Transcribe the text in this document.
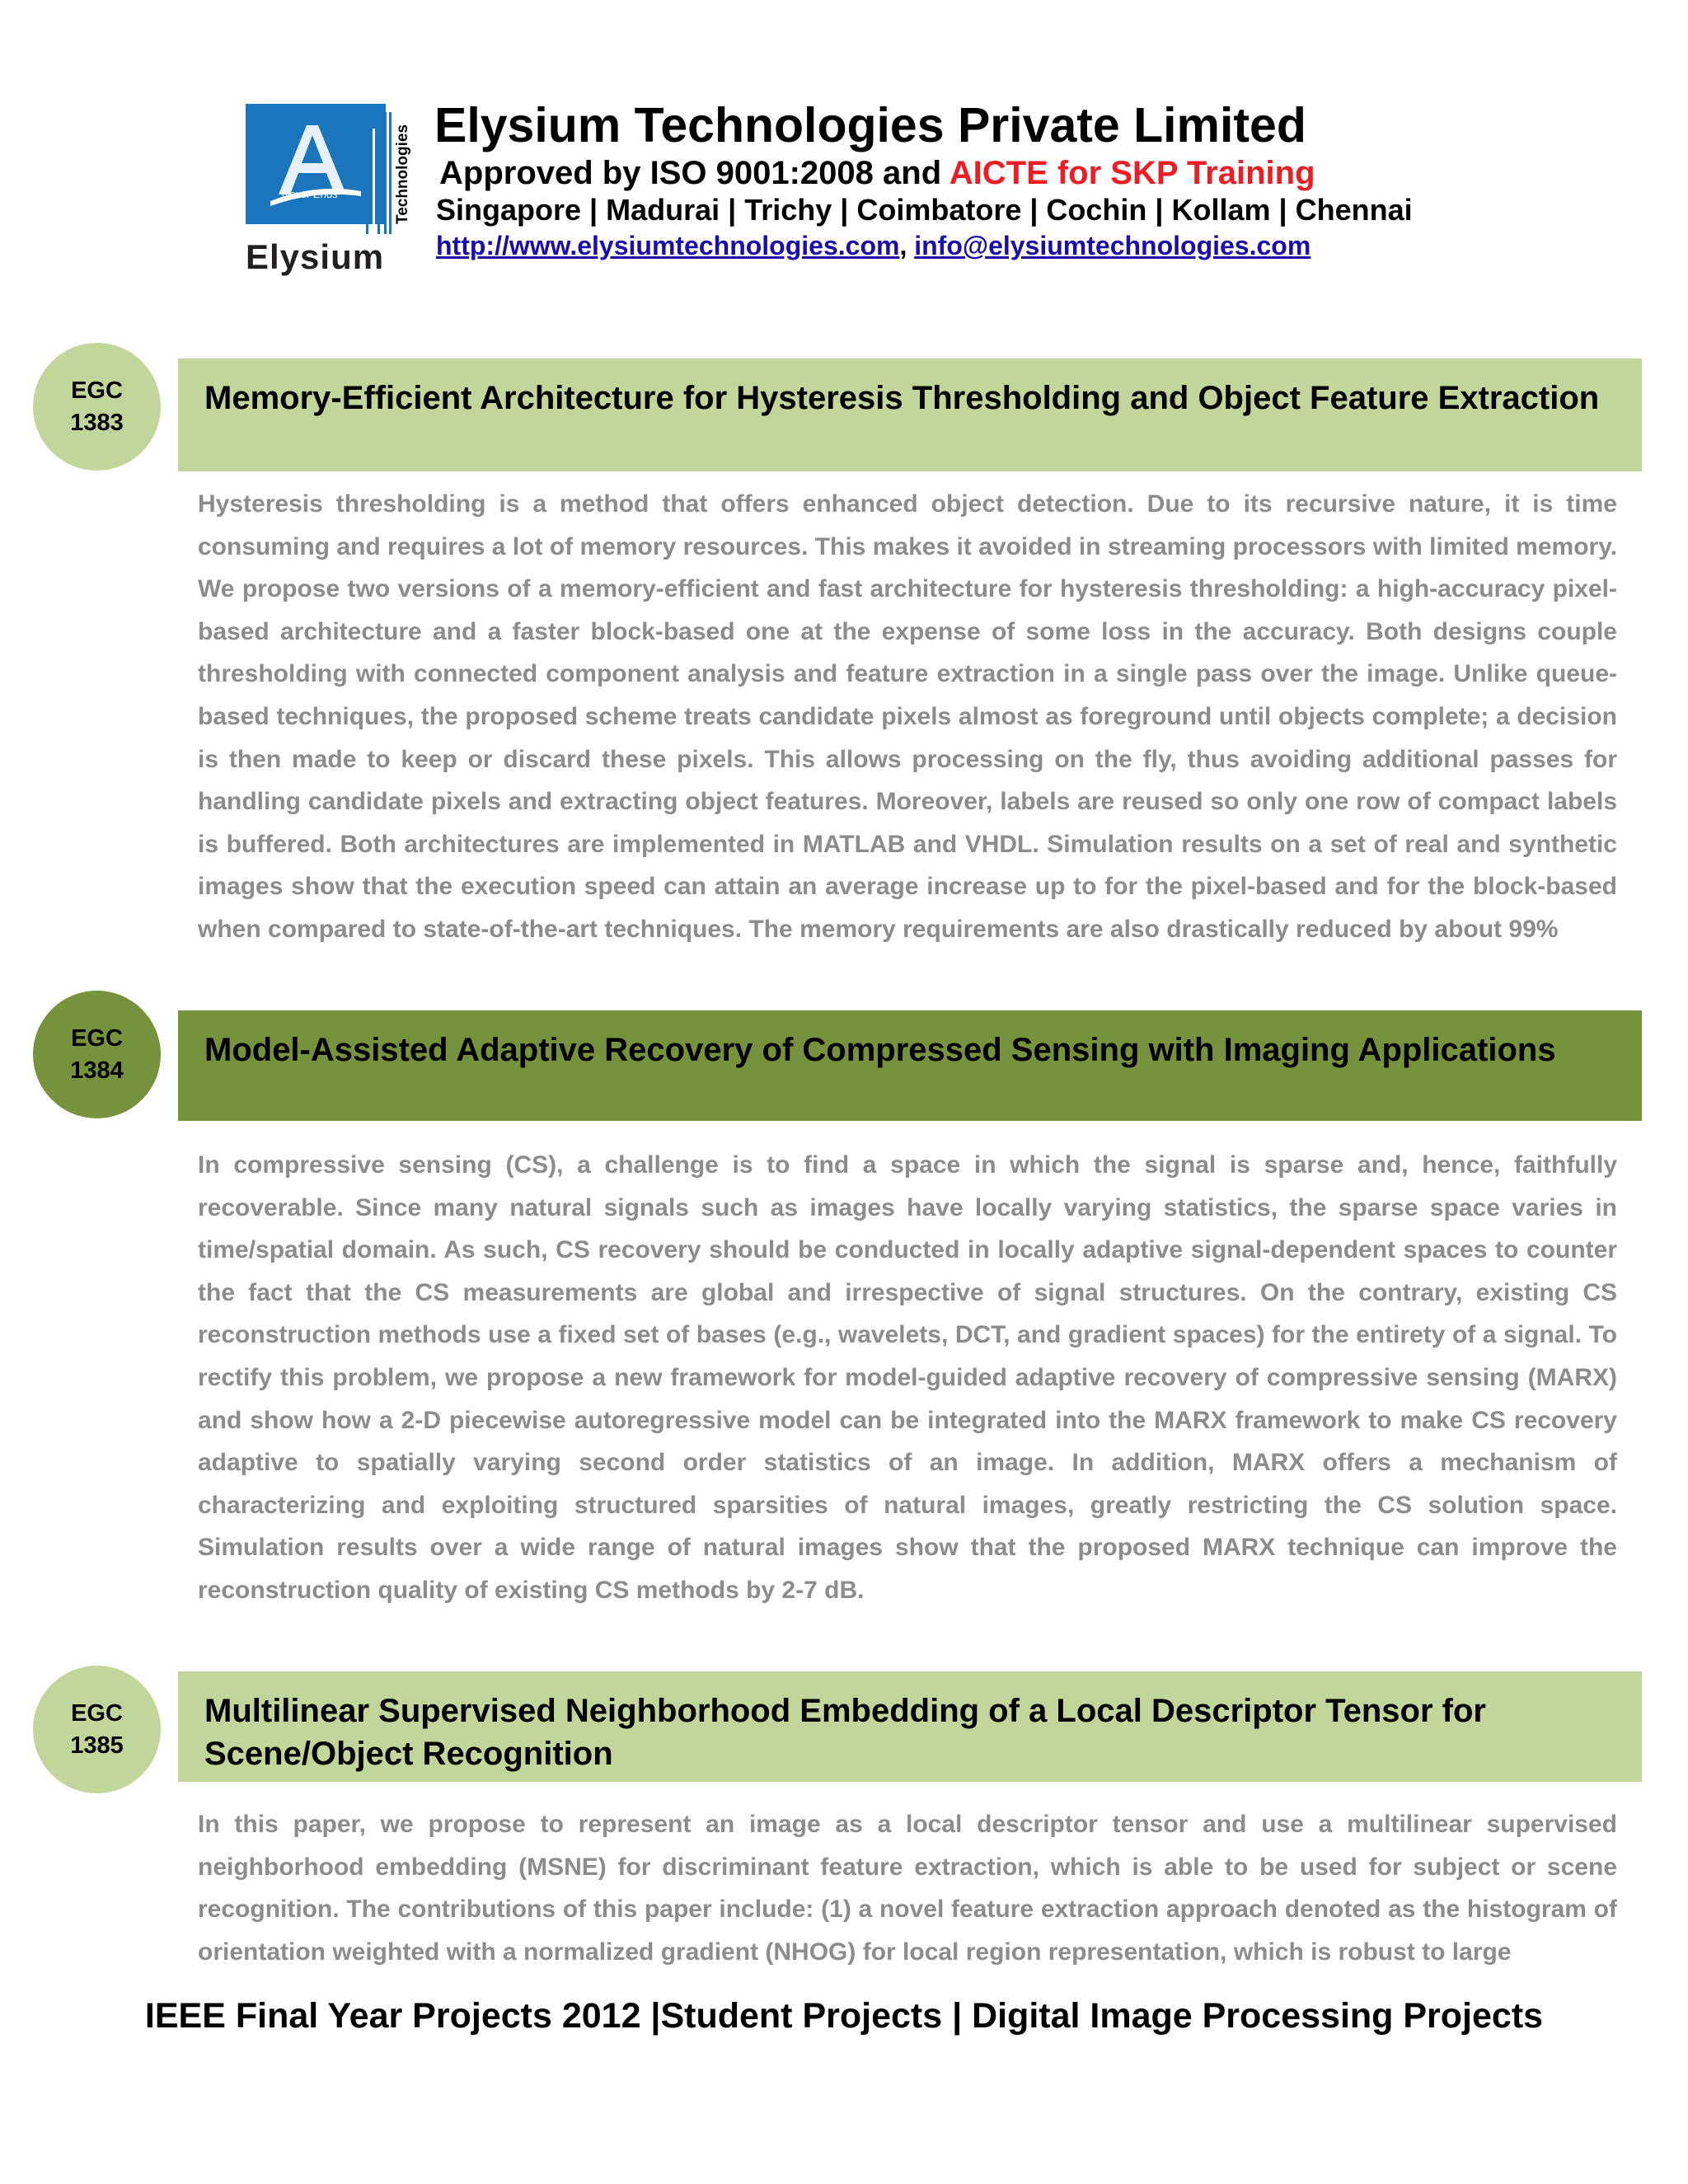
Never Ends	Technologies
Elysium
Elysium Technologies Private Limited

Approved by ISO 9001:2008 and AICTE for SKP Training

Singapore | Madurai | Trichy | Coimbatore | Cochin | Kollam | Chennai

http://www.elysiumtechnologies.com, info@elysiumtechnologies.com

EGC
1383
Memory-Efficient Architecture for Hysteresis Thresholding and Object Feature Extraction

Hysteresis thresholding is a method that offers enhanced object detection. Due to its recursive nature, it is time consuming and requires a lot of memory resources. This makes it avoided in streaming processors with limited memory. We propose two versions of a memory-efficient and fast architecture for hysteresis thresholding: a high-accuracy pixel-based architecture and a faster block-based one at the expense of some loss in the accuracy. Both designs couple thresholding with connected component analysis and feature extraction in a single pass over the image. Unlike queue-based techniques, the proposed scheme treats candidate pixels almost as foreground until objects complete; a decision is then made to keep or discard these pixels. This allows processing on the fly, thus avoiding additional passes for handling candidate pixels and extracting object features. Moreover, labels are reused so only one row of compact labels is buffered. Both architectures are implemented in MATLAB and VHDL. Simulation results on a set of real and synthetic images show that the execution speed can attain an average increase up to for the pixel-based and for the block-based when compared to state-of-the-art techniques. The memory requirements are also drastically reduced by about 99%

EGC
1384
Model-Assisted Adaptive Recovery of Compressed Sensing with Imaging Applications

In compressive sensing (CS), a challenge is to find a space in which the signal is sparse and, hence, faithfully recoverable. Since many natural signals such as images have locally varying statistics, the sparse space varies in time/spatial domain. As such, CS recovery should be conducted in locally adaptive signal-dependent spaces to counter the fact that the CS measurements are global and irrespective of signal structures. On the contrary, existing CS reconstruction methods use a fixed set of bases (e.g., wavelets, DCT, and gradient spaces) for the entirety of a signal. To rectify this problem, we propose a new framework for model-guided adaptive recovery of compressive sensing (MARX) and show how a 2-D piecewise autoregressive model can be integrated into the MARX framework to make CS recovery adaptive to spatially varying second order statistics of an image. In addition, MARX offers a mechanism of characterizing and exploiting structured sparsities of natural images, greatly restricting the CS solution space. Simulation results over a wide range of natural images show that the proposed MARX technique can improve the reconstruction quality of existing CS methods by 2-7 dB.

EGC
1385
Multilinear Supervised Neighborhood Embedding of a Local Descriptor Tensor for Scene/Object Recognition

In this paper, we propose to represent an image as a local descriptor tensor and use a multilinear supervised neighborhood embedding (MSNE) for discriminant feature extraction, which is able to be used for subject or scene recognition. The contributions of this paper include: (1) a novel feature extraction approach denoted as the histogram of orientation weighted with a normalized gradient (NHOG) for local region representation, which is robust to large

IEEE Final Year Projects 2012 |Student Projects | Digital Image Processing Projects
